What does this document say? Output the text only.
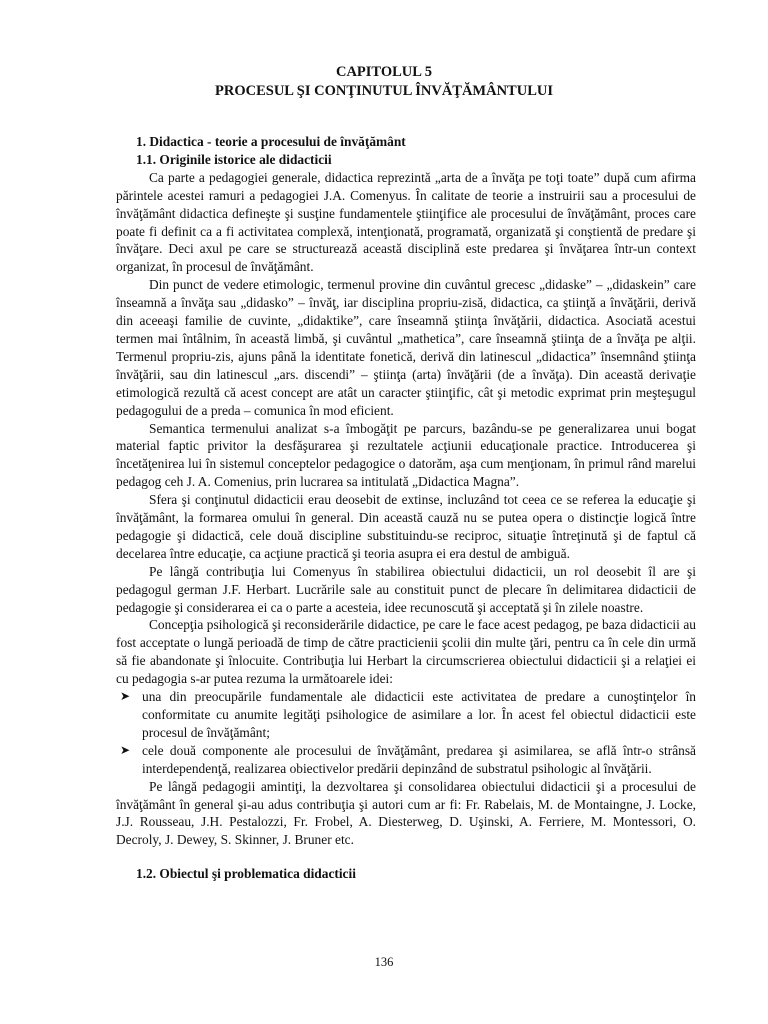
CAPITOLUL 5
PROCESUL ŞI CONŢINUTUL ÎNVĂŢĂMÂNTULUI

1. Didactica - teorie a procesului de învăţământ

1.1. Originile istorice ale didacticii

Ca parte a pedagogiei generale, didactica reprezintă „arta de a învăţa pe toţi toate” după cum afirma părintele acestei ramuri a pedagogiei J.A. Comenyus. În calitate de teorie a instruirii sau a procesului de învăţământ didactica defineşte şi susţine fundamentele ştiinţifice ale procesului de învăţământ, proces care poate fi definit ca a fi activitatea complexă, intenţionată, programată, organizată şi conştientă de predare şi învăţare. Deci axul pe care se structurează această disciplină este predarea şi învăţarea într-un context organizat, în procesul de învăţământ.

Din punct de vedere etimologic, termenul provine din cuvântul grecesc „didaske” – „didaskein” care înseamnă a învăţa sau „didasko” – învăţ, iar disciplina propriu-zisă, didactica, ca ştiinţă a învăţării, derivă din aceeaşi familie de cuvinte, „didaktike”, care înseamnă ştiinţa învăţării, didactica. Asociată acestui termen mai întâlnim, în această limbă, şi cuvântul „mathetica”, care înseamnă ştiinţa de a învăţa pe alţii. Termenul propriu-zis, ajuns până la identitate fonetică, derivă din latinescul „didactica” însemnând ştiinţa învăţării, sau din latinescul „ars. discendi” – ştiinţa (arta) învăţării (de a învăţa). Din această derivaţie etimologică rezultă că acest concept are atât un caracter ştiinţific, cât şi metodic exprimat prin meşteşugul pedagogului de a preda – comunica în mod eficient.

Semantica termenului analizat s-a îmbogăţit pe parcurs, bazându-se pe generalizarea unui bogat material faptic privitor la desfăşurarea şi rezultatele acţiunii educaţionale practice. Introducerea şi încetăţenirea lui în sistemul conceptelor pedagogice o datorăm, aşa cum menţionam, în primul rând marelui pedagog ceh J. A. Comenius, prin lucrarea sa intitulată „Didactica Magna”.

Sfera şi conţinutul didacticii erau deosebit de extinse, incluzând tot ceea ce se referea la educaţie şi învăţământ, la formarea omului în general. Din această cauză nu se putea opera o distincţie logică între pedagogie şi didactică, cele două discipline substituindu-se reciproc, situaţie întreţinută şi de faptul că decelarea între educaţie, ca acţiune practică şi teoria asupra ei era destul de ambiguă.

Pe lângă contribuţia lui Comenyus în stabilirea obiectului didacticii, un rol deosebit îl are şi pedagogul german J.F. Herbart. Lucrările sale au constituit punct de plecare în delimitarea didacticii de pedagogie şi considerarea ei ca o parte a acesteia, idee recunoscută şi acceptată şi în zilele noastre.

Concepţia psihologică şi reconsiderările didactice, pe care le face acest pedagog, pe baza didacticii au fost acceptate o lungă perioadă de timp de către practicienii şcolii din multe ţări, pentru ca în cele din urmă să fie abandonate şi înlocuite. Contribuţia lui Herbart la circumscrierea obiectului didacticii şi a relaţiei ei cu pedagogia s-ar putea rezuma la următoarele idei:

➤ una din preocupările fundamentale ale didacticii este activitatea de predare a cunoştinţelor în conformitate cu anumite legităţi psihologice de asimilare a lor. În acest fel obiectul didacticii este procesul de învăţământ;
➤ cele două componente ale procesului de învăţământ, predarea şi asimilarea, se află într-o strânsă interdependenţă, realizarea obiectivelor predării depinzând de substratul psihologic al învăţării.

Pe lângă pedagogii amintiţi, la dezvoltarea şi consolidarea obiectului didacticii şi a procesului de învăţământ în general şi-au adus contribuţia şi autori cum ar fi: Fr. Rabelais, M. de Montaingne, J. Locke, J.J. Rousseau, J.H. Pestalozzi, Fr. Frobel, A. Diesterweg, D. Uşinski, A. Ferriere, M. Montessori, O. Decroly, J. Dewey, S. Skinner, J. Bruner etc.

1.2. Obiectul şi problematica didacticii

136
